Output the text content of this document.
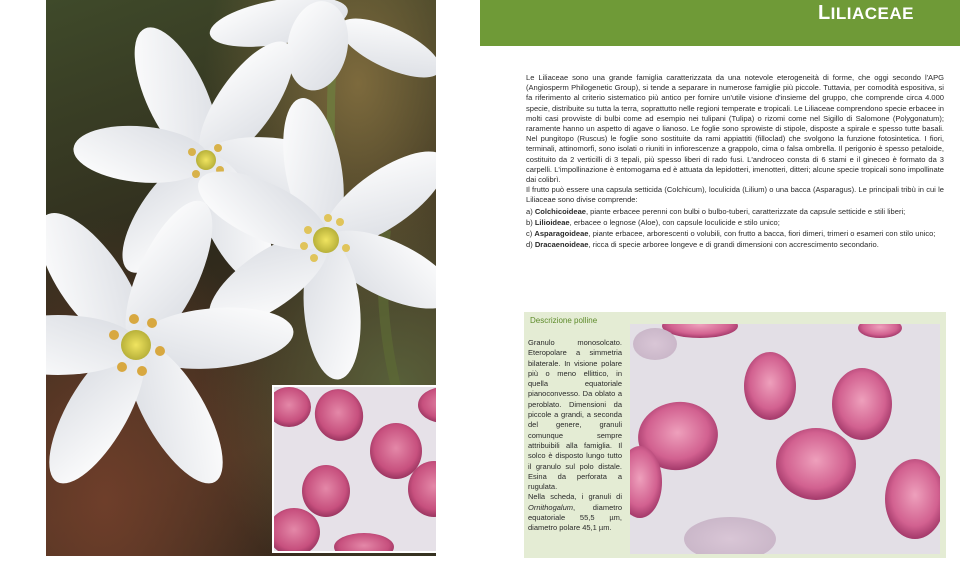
LILIACEAE

Le Liliaceae sono una grande famiglia caratterizzata da una notevole eterogeneità di forme, che oggi secondo l'APG (Angiosperm Philogenetic Group), si tende a separare in numerose famiglie più piccole. Tuttavia, per comodità espositiva, si fa riferimento al criterio sistematico più antico per fornire un'utile visione d'insieme del gruppo, che comprende circa 4.000 specie, distribuite su tutta la terra, soprattutto nelle regioni temperate e tropicali. Le Liliaceae comprendono specie erbacee in molti casi provviste di bulbi come ad esempio nei tulipani (Tulipa) o rizomi come nel Sigillo di Salomone (Polygonatum); raramente hanno un aspetto di agave o lianoso. Le foglie sono sprowiste di stipole, disposte a spirale e spesso tutte basali. Nel pungitopo (Ruscus) le foglie sono sostituite da rami appiattiti (filloclad) che svolgono la funzione fotosintetica. I fiori, terminali, attinomorfi, sono isolati o riuniti in infiorescenze a grappolo, cima o falsa ombrella. Il perigonio è spesso petaloide, costituito da 2 verticilli di 3 tepali, più spesso liberi di rado fusi. L'androceo consta di 6 stami e il gineceo è formato da 3 carpelli. L'impollinazione è entomogama ed è attuata da lepidotteri, imenotteri, ditteri; alcune specie tropicali sono impollinate dai colibrì.

Il frutto può essere una capsula setticida (Colchicum), loculicida (Lilium) o una bacca (Asparagus). Le principali tribù in cui le Liliaceae sono divise comprende:

a) Colchicoideae, piante erbacee perenni con bulbi o bulbo-tuberi, caratterizzate da capsule setticide e stili liberi;

b) Lilioideae, erbacee o legnose (Aloe), con capsule loculicide e stilo unico;

c) Asparagoideae, piante erbacee, arborescenti o volubili, con frutto a bacca, fiori dimeri, trimeri o esameri con stilo unico;

d) Dracaenoideae, ricca di specie arboree longeve e di grandi dimensioni con accrescimento secondario.

Descrizione polline

Granulo monosolcato. Eteropolare a simmetria bilaterale. In visione polare più o meno ellittico, in quella equatoriale pianoconvesso. Da oblato a peroblato. Dimensioni da piccole a grandi, a seconda del genere, granuli comunque sempre attribuibili alla famiglia. Il solco è disposto lungo tutto il granulo sul polo distale. Esina da perforata a rugulata.

Nella scheda, i granuli di Ornithogalum, diametro equatoriale 55,5 µm, diametro polare 45,1 µm.
